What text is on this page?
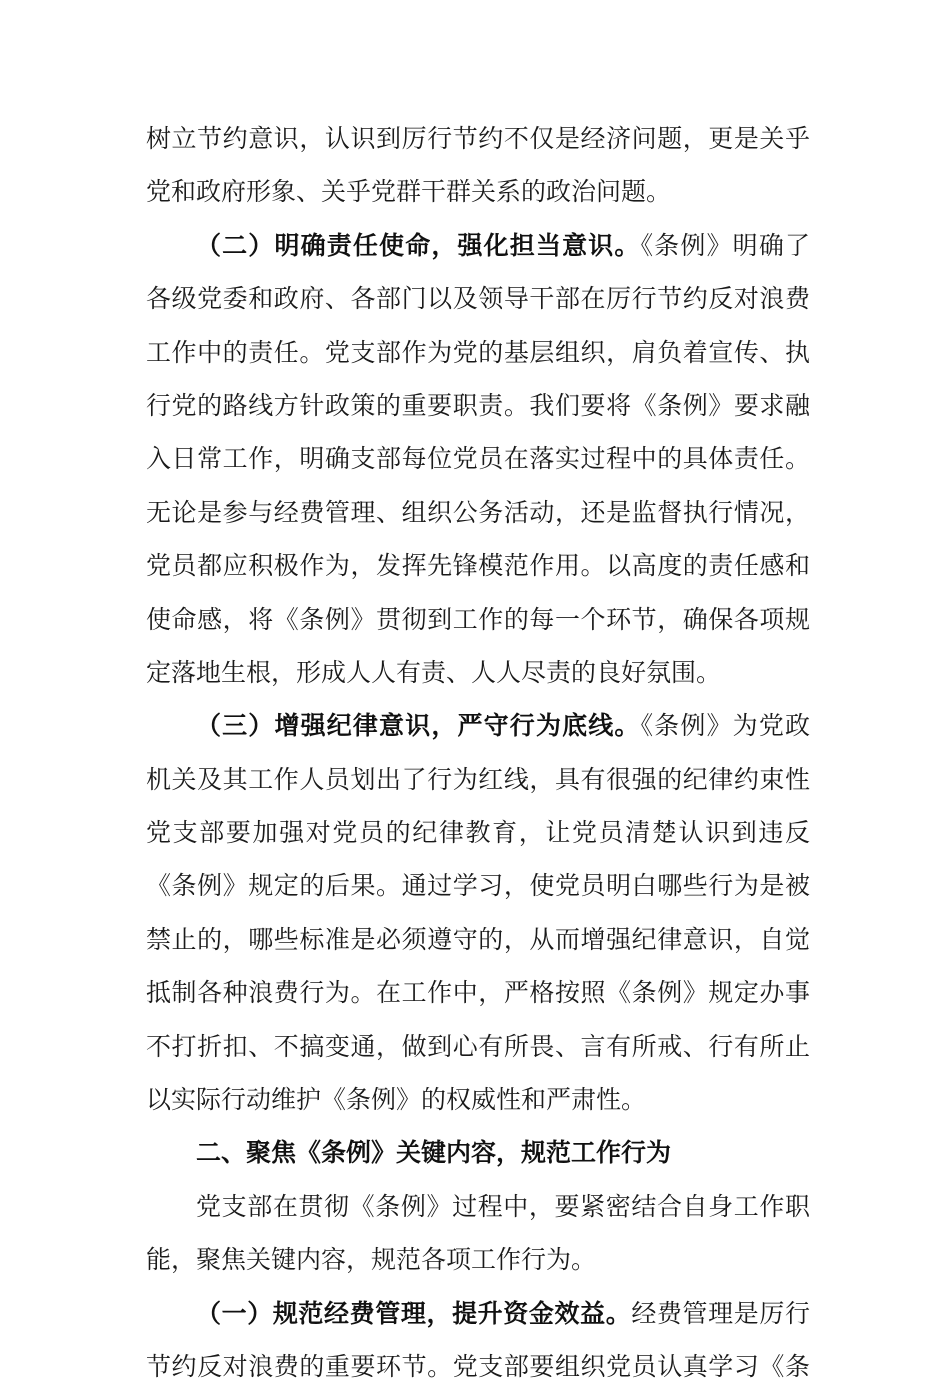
树立节约意识，认识到厉行节约不仅是经济问题，更是关乎
党和政府形象、关乎党群干群关系的政治问题。
（二）明确责任使命，强化担当意识。《条例》明确了
各级党委和政府、各部门以及领导干部在厉行节约反对浪费
工作中的责任。党支部作为党的基层组织，肩负着宣传、执
行党的路线方针政策的重要职责。我们要将《条例》要求融
入日常工作，明确支部每位党员在落实过程中的具体责任。
无论是参与经费管理、组织公务活动，还是监督执行情况，
党员都应积极作为，发挥先锋模范作用。以高度的责任感和
使命感，将《条例》贯彻到工作的每一个环节，确保各项规
定落地生根，形成人人有责、人人尽责的良好氛围。
（三）增强纪律意识，严守行为底线。《条例》为党政
机关及其工作人员划出了行为红线，具有很强的纪律约束性
党支部要加强对党员的纪律教育，让党员清楚认识到违反
《条例》规定的后果。通过学习，使党员明白哪些行为是被
禁止的，哪些标准是必须遵守的，从而增强纪律意识，自觉
抵制各种浪费行为。在工作中，严格按照《条例》规定办事
不打折扣、不搞变通，做到心有所畏、言有所戒、行有所止
以实际行动维护《条例》的权威性和严肃性。
二、聚焦《条例》关键内容，规范工作行为
党支部在贯彻《条例》过程中，要紧密结合自身工作职
能，聚焦关键内容，规范各项工作行为。
（一）规范经费管理，提升资金效益。经费管理是厉行
节约反对浪费的重要环节。党支部要组织党员认真学习《条
